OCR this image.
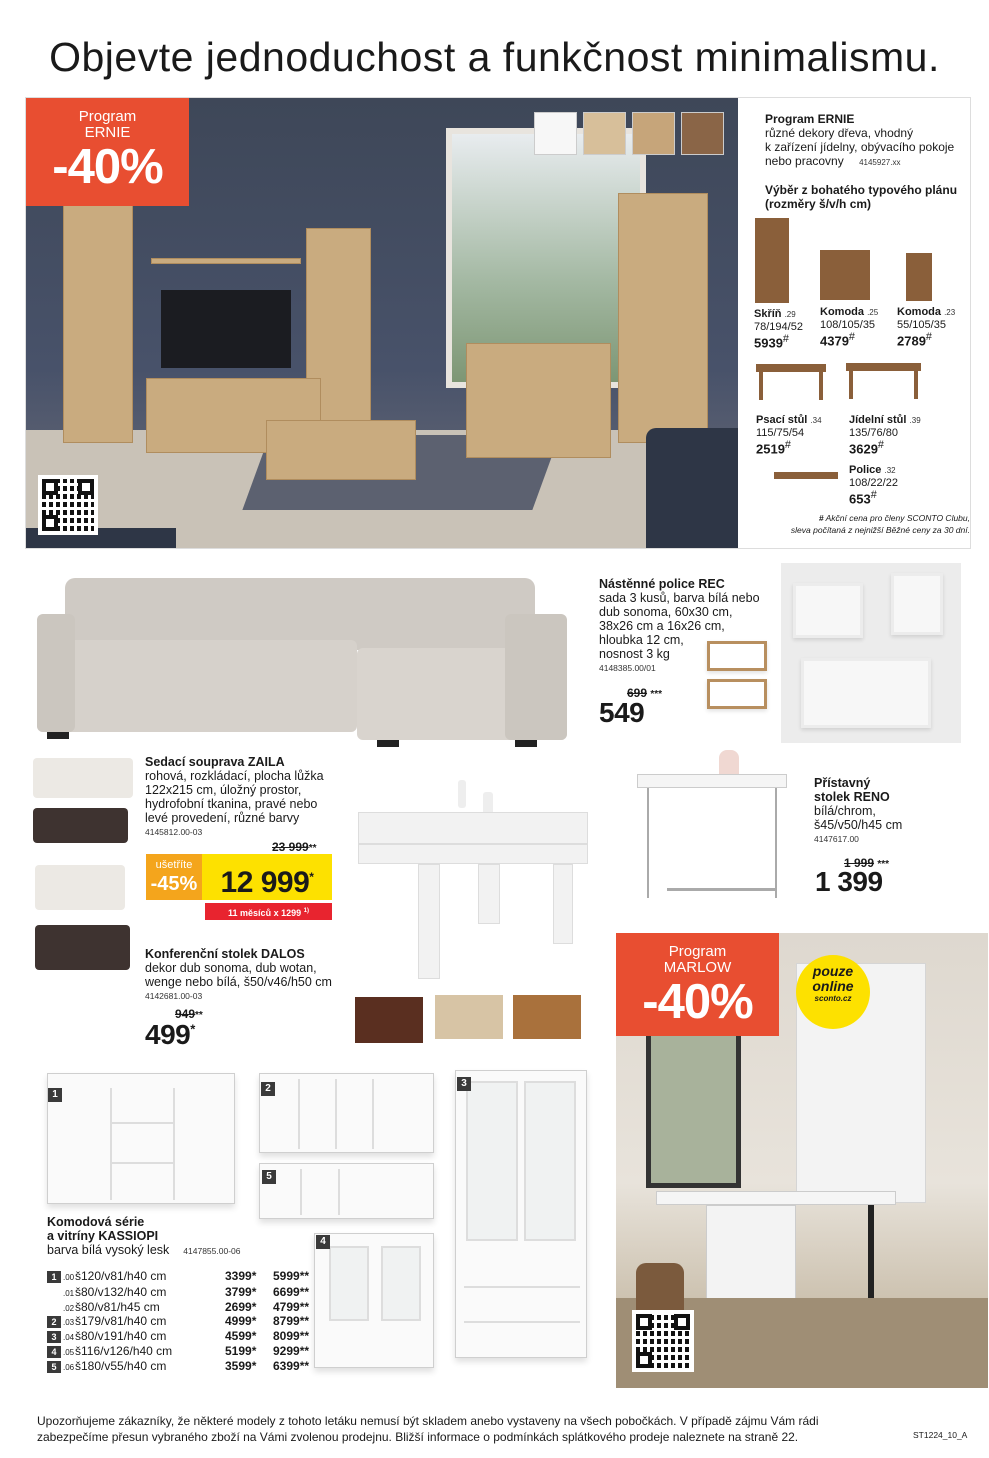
Objevte jednoduchost a funkčnost minimalismu.
Program
ERNIE
-40%
Program ERNIE
různé dekory dřeva, vhodný
k zařízení jídelny, obývacího pokoje
nebo pracovny 4145927.xx
Výběr z bohatého typového plánu
(rozměry š/v/h cm)
Skříň .29
78/194/52
5939#
Komoda .25
108/105/35
4379#
Komoda .23
55/105/35
2789#
Psací stůl .34
115/75/54
2519#
Jídelní stůl .39
135/76/80
3629#
Police .32
108/22/22
653#
# Akční cena pro členy SCONTO Clubu,
sleva počítaná z nejnižší Běžné ceny za 30 dní.
Nástěnné police REC
sada 3 kusů, barva bílá nebo
dub sonoma, 60x30 cm,
38x26 cm a 16x26 cm,
hloubka 12 cm,
nosnost 3 kg
4148385.00/01
699 ***
549
Sedací souprava ZAILA
rohová, rozkládací, plocha lůžka
122x215 cm, úložný prostor,
hydrofobní tkanina, pravé nebo
levé provedení, různé barvy
4145812.00-03
23 999**
ušetříte
-45% 12 999*
11 měsíců x 1299 $^{1)}$
Konferenční stolek DALOS
dekor dub sonoma, dub wotan,
wenge nebo bílá, š50/v46/h50 cm
4142681.00-03
949**
499*
Přístavný
stolek RENO
bílá/chrom,
š45/v50/h45 cm
4147617.00
1 999 ***
1 399
1
2
5
3
4
Komodová série
a vitríny KASSIOPI
barva bílá vysoký lesk 4147855.00-06
1 .00š120/v81/h40 cm	3399* 5999**
.01š80/v132/h40 cm	3799* 6699**
.02š80/v81/h45 cm	2699* 4799**
2 .03š179/v81/h40 cm	4999* 8799**
3 .04š80/v191/h40 cm	4599* 8099**
4 .05š116/v126/h40 cm	5199* 9299**
5 .06š180/v55/h40 cm	3599* 6399**
Program
MARLOW
-40%
pouze
online
sconto.cz
Upozorňujeme zákazníky, že některé modely z tohoto letáku nemusí být skladem anebo vystaveny na všech pobočkách. V případě zájmu Vám rádi
zabezpečíme přesun vybraného zboží na Vámi zvolenou prodejnu. Bližší informace o podmínkách splátkového prodeje naleznete na straně 22.	ST1224_10_A
